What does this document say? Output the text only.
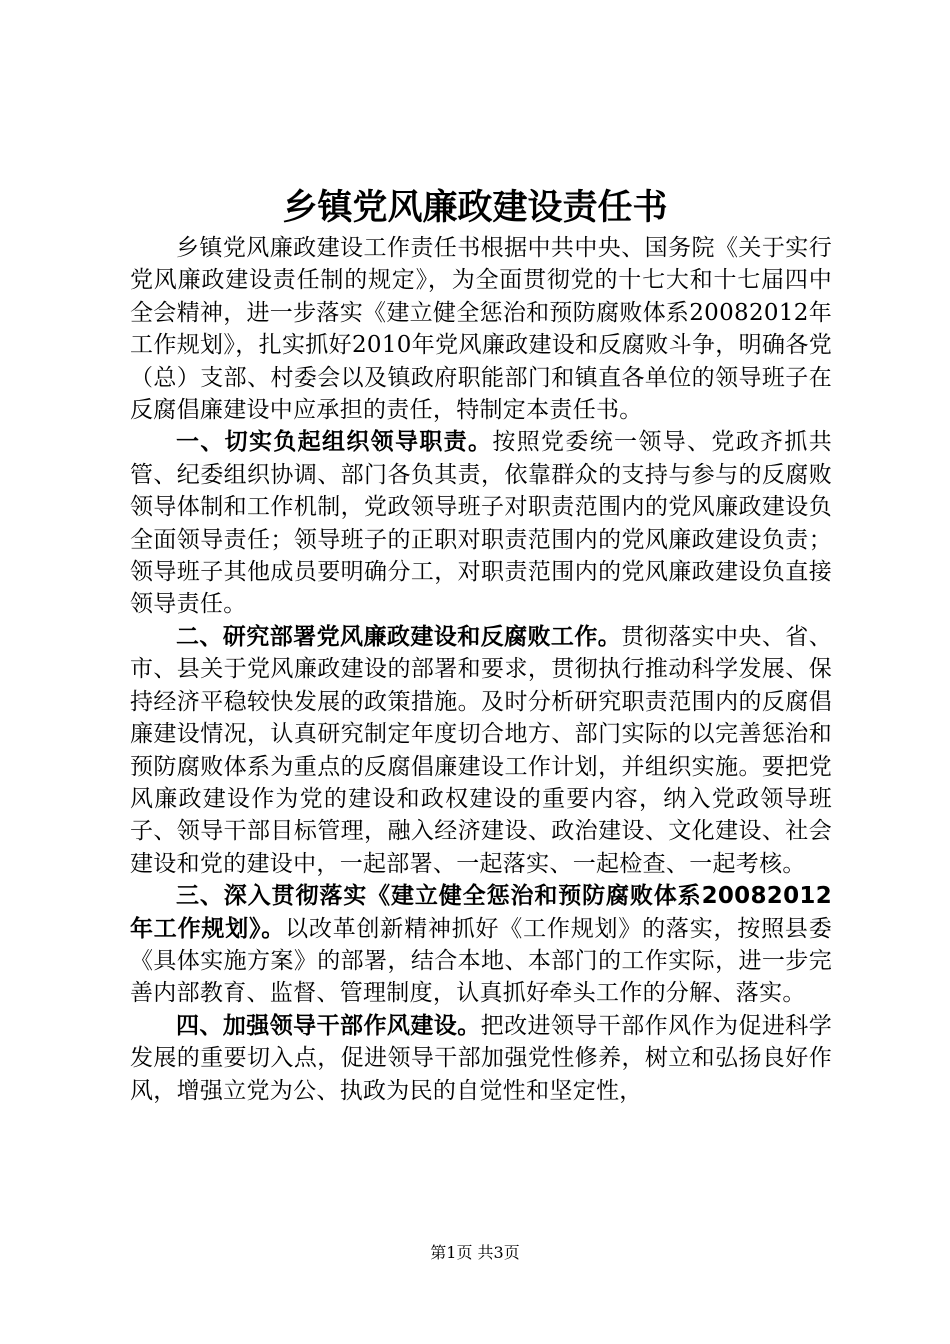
乡镇党风廉政建设责任书

乡镇党风廉政建设工作责任书根据中共中央、国务院《关于实行党风廉政建设责任制的规定》，为全面贯彻党的十七大和十七届四中全会精神，进一步落实《建立健全惩治和预防腐败体系20082012年工作规划》，扎实抓好2010年党风廉政建设和反腐败斗争，明确各党（总）支部、村委会以及镇政府职能部门和镇直各单位的领导班子在反腐倡廉建设中应承担的责任，特制定本责任书。

一、切实负起组织领导职责。按照党委统一领导、党政齐抓共管、纪委组织协调、部门各负其责，依靠群众的支持与参与的反腐败领导体制和工作机制，党政领导班子对职责范围内的党风廉政建设负全面领导责任；领导班子的正职对职责范围内的党风廉政建设负责；领导班子其他成员要明确分工，对职责范围内的党风廉政建设负直接领导责任。

二、研究部署党风廉政建设和反腐败工作。贯彻落实中央、省、市、县关于党风廉政建设的部署和要求，贯彻执行推动科学发展、保持经济平稳较快发展的政策措施。及时分析研究职责范围内的反腐倡廉建设情况，认真研究制定年度切合地方、部门实际的以完善惩治和预防腐败体系为重点的反腐倡廉建设工作计划，并组织实施。要把党风廉政建设作为党的建设和政权建设的重要内容，纳入党政领导班子、领导干部目标管理，融入经济建设、政治建设、文化建设、社会建设和党的建设中，一起部署、一起落实、一起检查、一起考核。

三、深入贯彻落实《建立健全惩治和预防腐败体系20082012年工作规划》。以改革创新精神抓好《工作规划》的落实，按照县委《具体实施方案》的部署，结合本地、本部门的工作实际，进一步完善内部教育、监督、管理制度，认真抓好牵头工作的分解、落实。

四、加强领导干部作风建设。把改进领导干部作风作为促进科学发展的重要切入点，促进领导干部加强党性修养，树立和弘扬良好作风，增强立党为公、执政为民的自觉性和坚定性，

第1页 共3页
